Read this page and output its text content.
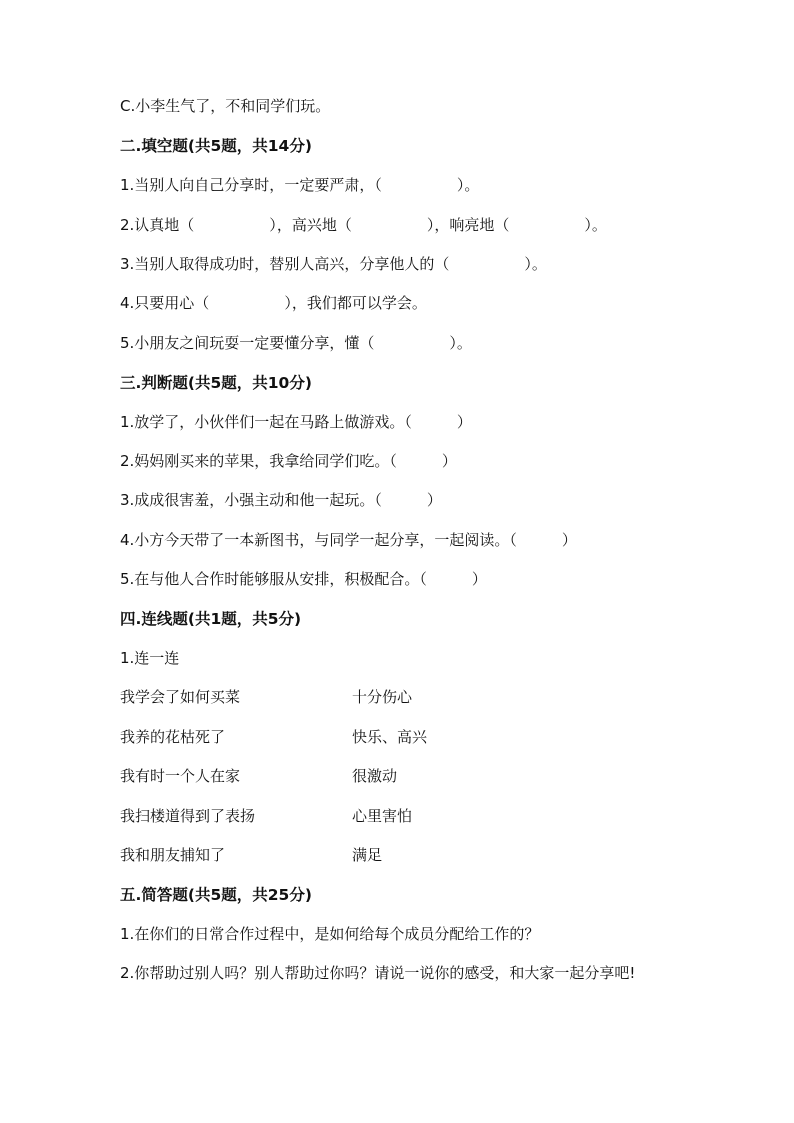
C.小李生气了，不和同学们玩。
二.填空题(共5题，共14分)
1.当别人向自己分享时，一定要严肃，（　　　　　）。
2.认真地（　　　　　），高兴地（　　　　　），响亮地（　　　　　）。
3.当别人取得成功时，替别人高兴，分享他人的（　　　　　）。
4.只要用心（　　　　　），我们都可以学会。
5.小朋友之间玩耍一定要懂分享，懂（　　　　　）。
三.判断题(共5题，共10分)
1.放学了，小伙伴们一起在马路上做游戏。（　　　）
2.妈妈刚买来的苹果，我拿给同学们吃。（　　　）
3.成成很害羞，小强主动和他一起玩。（　　　）
4.小方今天带了一本新图书，与同学一起分享，一起阅读。（　　　）
5.在与他人合作时能够服从安排，积极配合。（　　　）
四.连线题(共1题，共5分)
1.连一连
我学会了如何买菜	十分伤心
我养的花枯死了	快乐、高兴
我有时一个人在家	很激动
我扫楼道得到了表扬	心里害怕
我和朋友捕知了	满足
五.简答题(共5题，共25分)
1.在你们的日常合作过程中，是如何给每个成员分配给工作的？
2.你帮助过别人吗？别人帮助过你吗？请说一说你的感受，和大家一起分享吧!
